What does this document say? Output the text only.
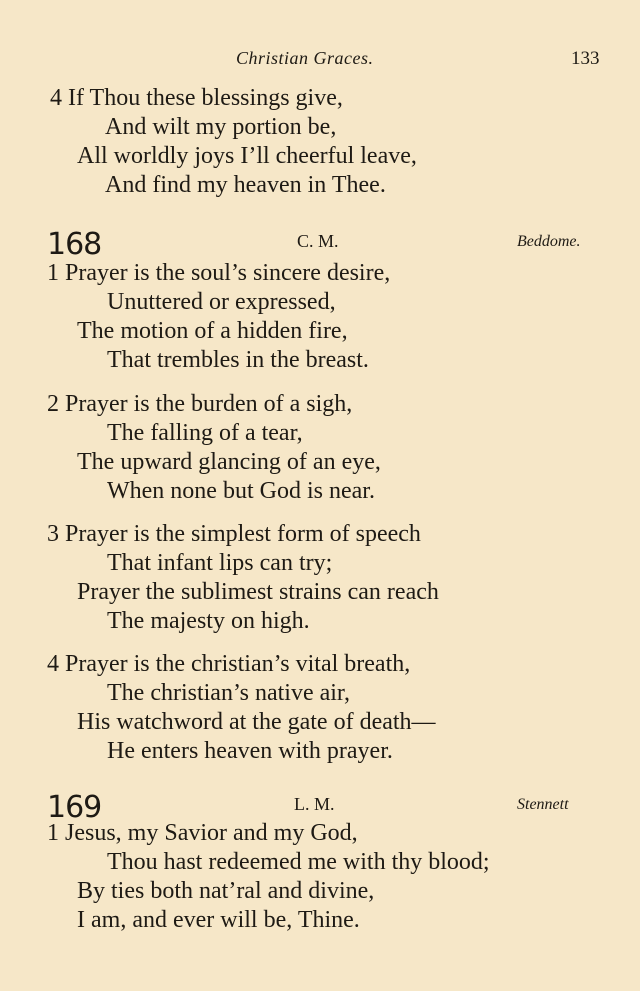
Christian Graces.	133
4 If Thou these blessings give,
And wilt my portion be,
All worldly joys I’ll cheerful leave,
And find my heaven in Thee.
168	C. M.	Beddome.
1 Prayer is the soul’s sincere desire,
Unuttered or expressed,
The motion of a hidden fire,
That trembles in the breast.
2 Prayer is the burden of a sigh,
The falling of a tear,
The upward glancing of an eye,
When none but God is near.
3 Prayer is the simplest form of speech
That infant lips can try;
Prayer the sublimest strains can reach
The majesty on high.
4 Prayer is the christian’s vital breath,
The christian’s native air,
His watchword at the gate of death—
He enters heaven with prayer.
169	L. M.	Stennett
1 Jesus, my Savior and my God,
Thou hast redeemed me with thy blood;
By ties both nat’ral and divine,
I am, and ever will be, Thine.
